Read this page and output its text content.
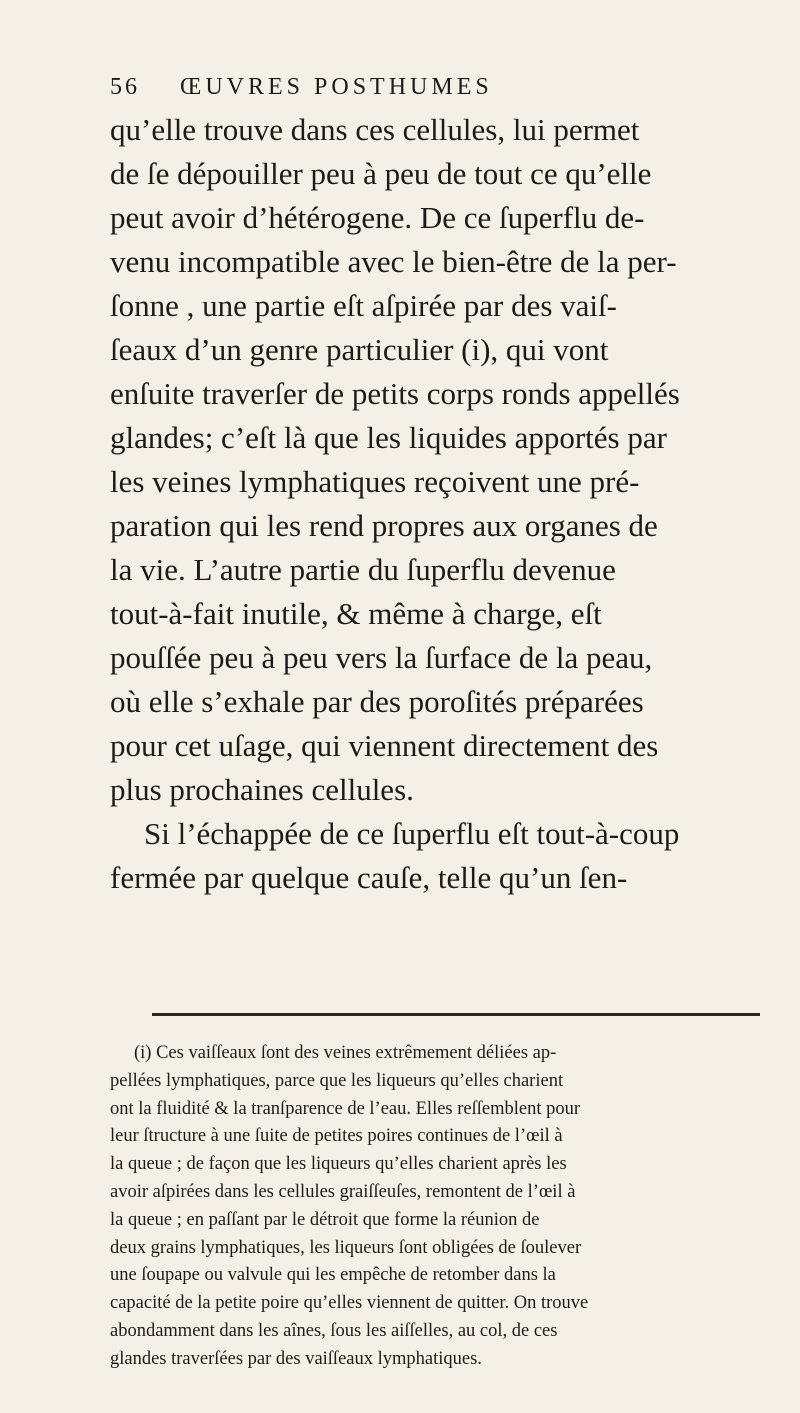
56 ŒUVRES POSTHUMES
qu’elle trouve dans ces cellules, lui permet
de ſe dépouiller peu à peu de tout ce qu’elle
peut avoir d’hétérogene. De ce ſuperflu de-
venu incompatible avec le bien-être de la per-
ſonne , une partie eſt aſpirée par des vaiſ-
ſeaux d’un genre particulier (i), qui vont
enſuite traverſer de petits corps ronds appellés
glandes; c’eſt là que les liquides apportés par
les veines lymphatiques reçoivent une pré-
paration qui les rend propres aux organes de
la vie. L’autre partie du ſuperflu devenue
tout-à-fait inutile, & même à charge, eſt
pouſſée peu à peu vers la ſurface de la peau,
où elle s’exhale par des poroſités préparées
pour cet uſage, qui viennent directement des
plus prochaines cellules.
Si l’échappée de ce ſuperflu eſt tout-à-coup
fermée par quelque cauſe, telle qu’un ſen-
(i) Ces vaiſſeaux ſont des veines extrêmement déliées ap-
pellées lymphatiques, parce que les liqueurs qu’elles charient
ont la fluidité & la tranſparence de l’eau. Elles reſſemblent pour
leur ſtructure à une ſuite de petites poires continues de l’œil à
la queue ; de façon que les liqueurs qu’elles charient après les
avoir aſpirées dans les cellules graiſſeuſes, remontent de l’œil à
la queue ; en paſſant par le détroit que forme la réunion de
deux grains lymphatiques, les liqueurs ſont obligées de ſoulever
une ſoupape ou valvule qui les empêche de retomber dans la
capacité de la petite poire qu’elles viennent de quitter. On trouve
abondamment dans les aînes, ſous les aiſſelles, au col, de ces
glandes traverſées par des vaiſſeaux lymphatiques.
